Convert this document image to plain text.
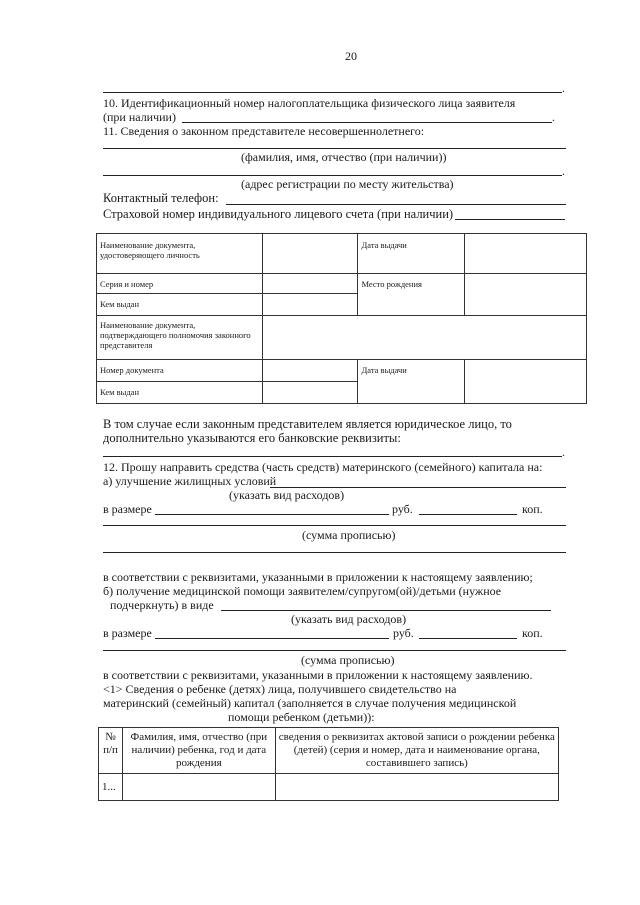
20
.
10. Идентификационный номер налогоплательщика физического лица заявителя
(при наличии)	.
11. Сведения о законном представителе несовершеннолетнего:
(фамилия, имя, отчество (при наличии))
.
(адрес регистрации по месту жительства)
Контактный телефон:
Страховой номер индивидуального лицевого счета (при наличии)
Наименование документа, удостоверяющего личность		Дата выдачи	
Серия и номер		Место рождения	
Кем выдан			
Наименование документа, подтверждающего полномочия законного представителя			
Номер документа		Дата выдачи	
Кем выдан			
В том случае если законным представителем является юридическое лицо, то
дополнительно указываются его банковские реквизиты:
.
12. Прошу направить средства (часть средств) материнского (семейного) капитала на:
а) улучшение жилищных условий
(указать вид расходов)
в размере	руб.	коп.
(сумма прописью)
в соответствии с реквизитами, указанными в приложении к настоящему заявлению;
б) получение медицинской помощи заявителем/супругом(ой)/детьми (нужное
подчеркнуть) в виде
(указать вид расходов)
в размере	руб.	коп.
(сумма прописью)
в соответствии с реквизитами, указанными в приложении к настоящему заявлению.
<1> Сведения о ребенке (детях) лица, получившего свидетельство на
материнский (семейный) капитал (заполняется в случае получения медицинской
помощи ребенком (детьми)):
№ п/п	Фамилия, имя, отчество (при наличии) ребенка, год и дата рождения	сведения о реквизитах актовой записи о рождении ребенка (детей) (серия и номер, дата и наименование органа, составившего запись)
1...		
